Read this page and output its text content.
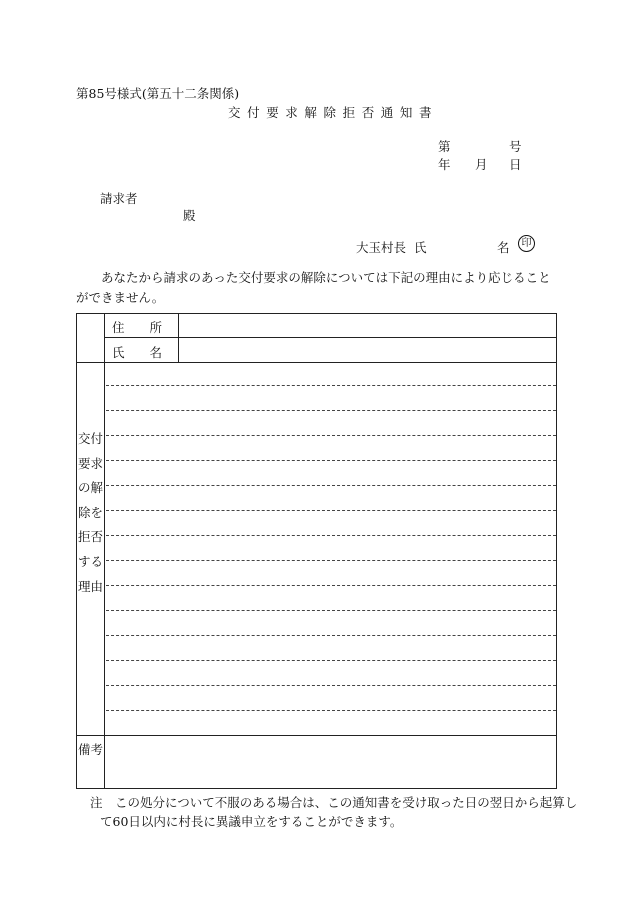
第85号様式(第五十二条関係)
交付要求解除拒否通知書
第	号
年 月 日
請求者
殿
大玉村長 氏	名	印
あなたから請求のあった交付要求の解除については下記の理由により応じることができません。
住　　所
氏　　名
交付要求の解除を拒否する理由
備考
注 この処分について不服のある場合は、この通知書を受け取った日の翌日から起算し
て60日以内に村長に異議申立をすることができます。
